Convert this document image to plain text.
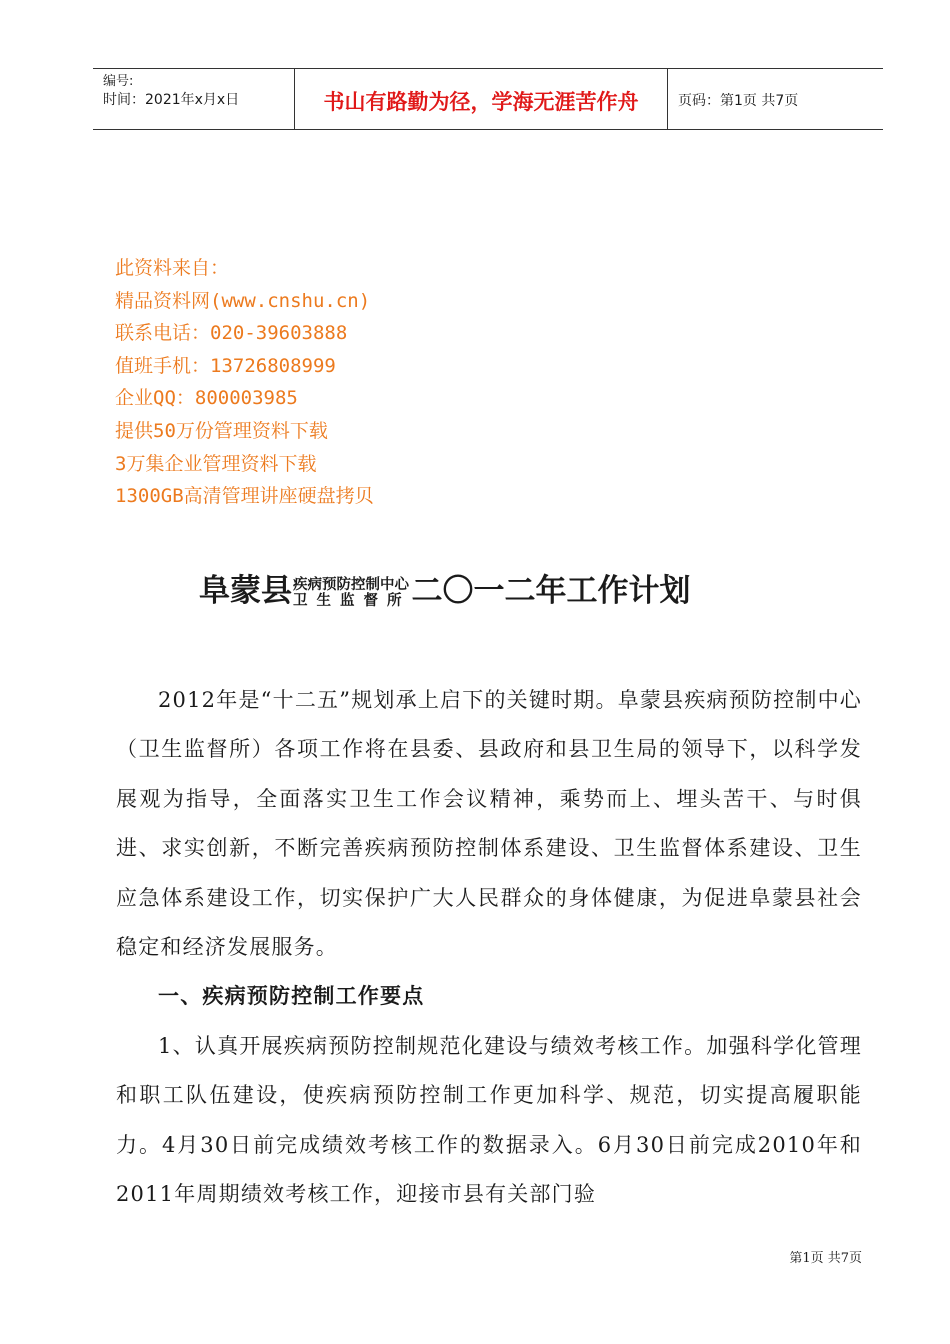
编号:
时间：2021年x月x日	书山有路勤为径，学海无涯苦作舟	页码：第1页 共7页
此资料来自：
精品资料网(www.cnshu.cn)
联系电话：020-39603888
值班手机：13726808999
企业QQ：800003985
提供50万份管理资料下载
3万集企业管理资料下载
1300GB高清管理讲座硬盘拷贝
阜蒙县 疾病预防控制中心
卫生监督所 二〇一二年工作计划

2012年是“十二五”规划承上启下的关键时期。阜蒙县疾病预防控制中心（卫生监督所）各项工作将在县委、县政府和县卫生局的领导下，以科学发展观为指导，全面落实卫生工作会议精神，乘势而上、埋头苦干、与时俱进、求实创新，不断完善疾病预防控制体系建设、卫生监督体系建设、卫生应急体系建设工作，切实保护广大人民群众的身体健康，为促进阜蒙县社会稳定和经济发展服务。

一、疾病预防控制工作要点

1、认真开展疾病预防控制规范化建设与绩效考核工作。加强科学化管理和职工队伍建设，使疾病预防控制工作更加科学、规范，切实提高履职能力。4月30日前完成绩效考核工作的数据录入。6月30日前完成2010年和2011年周期绩效考核工作，迎接市县有关部门验

第1页 共7页
